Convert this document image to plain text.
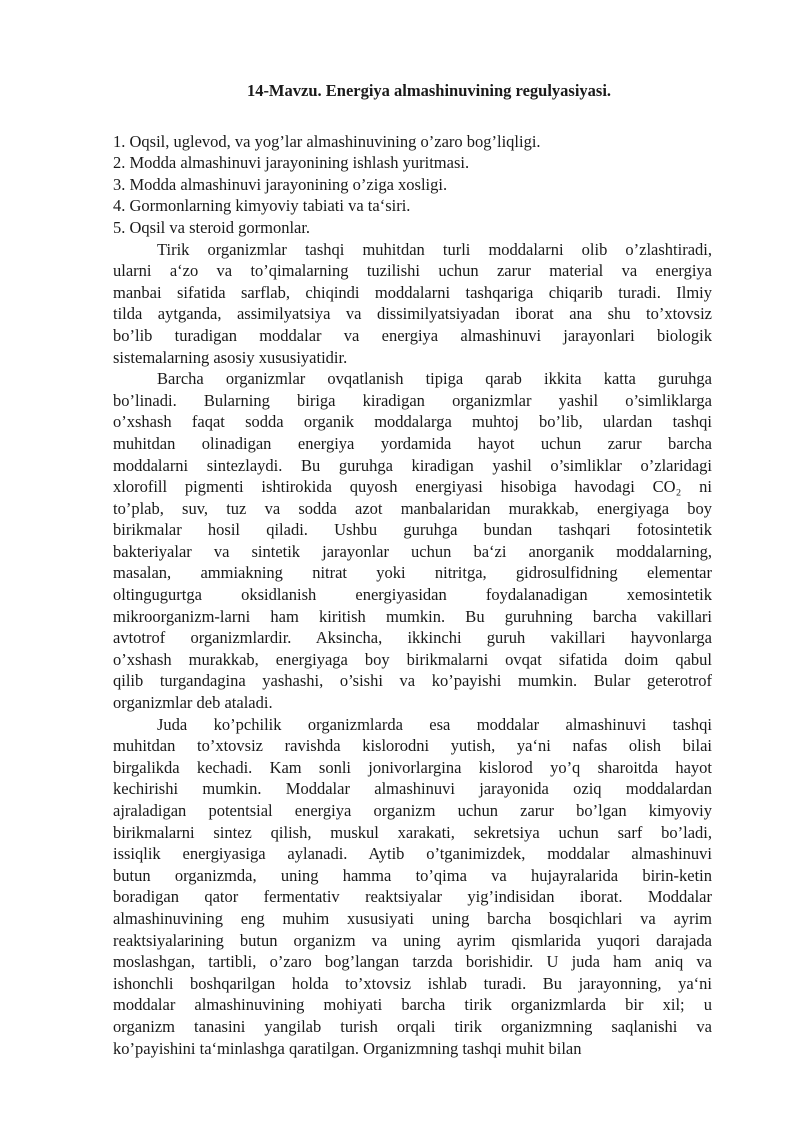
14-Mavzu. Energiya almashinuvining regulyasiyasi.
1. Oqsil, uglevod, va yog’lar almashinuvining o’zaro bog’liqligi.
2. Modda almashinuvi jarayonining ishlash yuritmasi.
3. Modda almashinuvi jarayonining o’ziga xosligi.
4. Gormonlarning kimyoviy tabiati va ta‘siri.
5. Oqsil va steroid gormonlar.
Tirik organizmlar tashqi muhitdan turli moddalarni olib o’zlashtiradi,
ularni a‘zo va to’qimalarning tuzilishi uchun zarur material va energiya
manbai sifatida sarflab, chiqindi moddalarni tashqariga chiqarib turadi. Ilmiy
tilda aytganda, assimilyatsiya va dissimilyatsiyadan iborat ana shu to’xtovsiz
bo’lib turadigan moddalar va energiya almashinuvi jarayonlari biologik
sistemalarning asosiy xususiyatidir.
Barcha organizmlar ovqatlanish tipiga qarab ikkita katta guruhga
bo’linadi. Bularning biriga kiradigan organizmlar yashil o’simliklarga
o’xshash faqat sodda organik moddalarga muhtoj bo’lib, ulardan tashqi
muhitdan olinadigan energiya yordamida hayot uchun zarur barcha
moddalarni sintezlaydi. Bu guruhga kiradigan yashil o’simliklar o’zlaridagi
xlorofill pigmenti ishtirokida quyosh energiyasi hisobiga havodagi CO₂ ni
to’plab, suv, tuz va sodda azot manbalaridan murakkab, energiyaga boy
birikmalar hosil qiladi. Ushbu guruhga bundan tashqari fotosintetik
bakteriyalar va sintetik jarayonlar uchun ba‘zi anorganik moddalarning,
masalan, ammiakning nitrat yoki nitritga, gidrosulfidning elementar
oltingugurtga oksidlanish energiyasidan foydalanadigan xemosintetik
mikroorganizm-larni ham kiritish mumkin. Bu guruhning barcha vakillari
avtotrof organizmlardir. Aksincha, ikkinchi guruh vakillari hayvonlarga
o’xshash murakkab, energiyaga boy birikmalarni ovqat sifatida doim qabul
qilib turgandagina yashashi, o’sishi va ko’payishi mumkin. Bular geterotrof
organizmlar deb ataladi.
Juda ko’pchilik organizmlarda esa moddalar almashinuvi tashqi
muhitdan to’xtovsiz ravishda kislorodni yutish, ya‘ni nafas olish bilai
birgalikda kechadi. Kam sonli jonivorlargina kislorod yo’q sharoitda hayot
kechirishi mumkin. Moddalar almashinuvi jarayonida oziq moddalardan
ajraladigan potentsial energiya organizm uchun zarur bo’lgan kimyoviy
birikmalarni sintez qilish, muskul xarakati, sekretsiya uchun sarf bo’ladi,
issiqlik energiyasiga aylanadi. Aytib o’tganimizdek, moddalar almashinuvi
butun organizmda, uning hamma to’qima va hujayralarida birin-ketin
boradigan qator fermentativ reaktsiyalar yig’indisidan iborat. Moddalar
almashinuvining eng muhim xususiyati uning barcha bosqichlari va ayrim
reaktsiyalarining butun organizm va uning ayrim qismlarida yuqori darajada
moslashgan, tartibli, o’zaro bog’langan tarzda borishidir. U juda ham aniq va
ishonchli boshqarilgan holda to’xtovsiz ishlab turadi. Bu jarayonning, ya‘ni
moddalar almashinuvining mohiyati barcha tirik organizmlarda bir xil; u
organizm tanasini yangilab turish orqali tirik organizmning saqlanishi va
ko’payishini ta‘minlashga qaratilgan. Organizmning tashqi muhit bilan
